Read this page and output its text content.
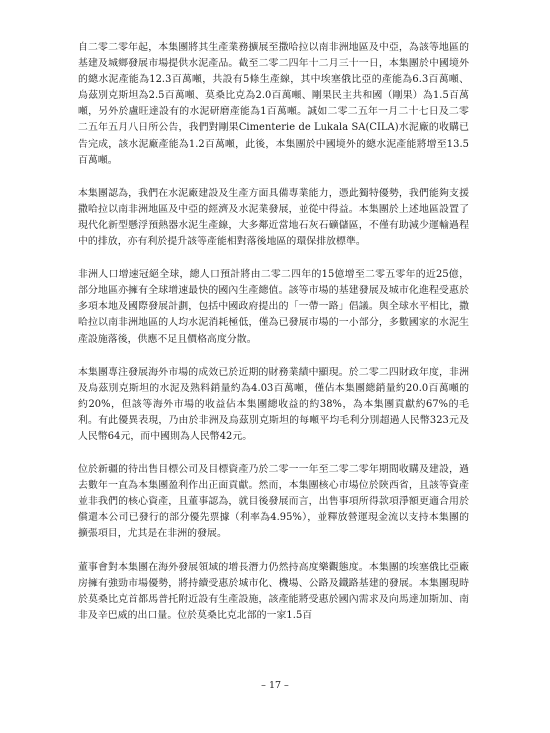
自二零二零年起，本集團將其生產業務擴展至撒哈拉以南非洲地區及中亞，為該等地區的基建及城鄉發展市場提供水泥產品。截至二零二四年十二月三十一日，本集團於中國境外的總水泥產能為12.3百萬噸，共設有5條生產線，其中埃塞俄比亞的產能為6.3百萬噸、烏茲別克斯坦為2.5百萬噸、莫桑比克為2.0百萬噸、剛果民主共和國（剛果）為1.5百萬噸，另外於盧旺達設有的水泥研磨產能為1百萬噸。誠如二零二五年一月二十七日及二零二五年五月八日所公告，我們對剛果Cimenterie de Lukala SA(CILA)水泥廠的收購已告完成，該水泥廠產能為1.2百萬噸，此後，本集團於中國境外的總水泥產能將增至13.5百萬噸。

本集團認為，我們在水泥廠建設及生產方面具備專業能力，憑此獨特優勢，我們能夠支援撒哈拉以南非洲地區及中亞的經濟及水泥業發展，並從中得益。本集團於上述地區設置了現代化新型懸浮預熱器水泥生產線，大多鄰近當地石灰石礦儲區，不僅有助減少運輸過程中的排放，亦有利於提升該等產能相對落後地區的環保排放標準。

非洲人口增速冠絕全球，總人口預計將由二零二四年的15億增至二零五零年的近25億，部分地區亦擁有全球增速最快的國內生產總值。該等市場的基建發展及城市化進程受惠於多項本地及國際發展計劃，包括中國政府提出的「一帶一路」倡議。與全球水平相比，撒哈拉以南非洲地區的人均水泥消耗極低，僅為已發展市場的一小部分，多數國家的水泥生產設施落後，供應不足且價格高度分散。

本集團專注發展海外市場的成效已於近期的財務業績中顯現。於二零二四財政年度，非洲及烏茲別克斯坦的水泥及熟料銷量約為4.03百萬噸，僅佔本集團總銷量約20.0百萬噸的約20%，但該等海外市場的收益佔本集團總收益的約38%，為本集團貢獻約67%的毛利。有此優異表現，乃由於非洲及烏茲別克斯坦的每噸平均毛利分別超過人民幣323元及人民幣64元，而中國則為人民幣42元。

位於新疆的待出售目標公司及目標資產乃於二零一一年至二零二零年期間收購及建設，過去數年一直為本集團盈利作出正面貢獻。然而，本集團核心市場位於陝西省，且該等資產並非我們的核心資產，且董事認為，就目後發展而言，出售事項所得款項淨額更適合用於償還本公司已發行的部分優先票據（利率為4.95%），並釋放營運現金流以支持本集團的擴張項目，尤其是在非洲的發展。

董事會對本集團在海外發展領域的增長潛力仍然持高度樂觀態度。本集團的埃塞俄比亞廠房擁有強勁市場優勢，將持續受惠於城市化、機場、公路及鐵路基建的發展。本集團現時於莫桑比克首都馬普托附近設有生產設施，該產能將受惠於國內需求及向馬達加斯加、南非及辛巴威的出口量。位於莫桑比克北部的一家1.5百

– 17 –
